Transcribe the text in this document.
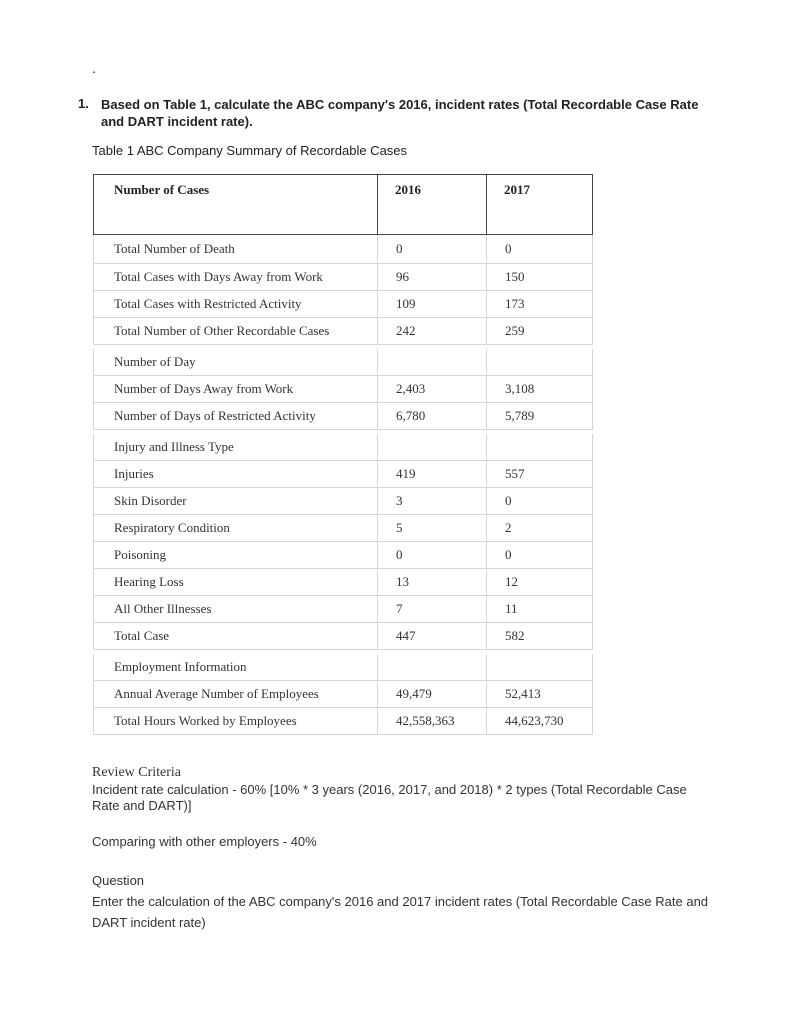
.
1. Based on Table 1, calculate the ABC company's 2016, incident rates (Total Recordable Case Rate and DART incident rate).
Table 1 ABC Company Summary of Recordable Cases
Number of Cases	2016	2017
Total Number of Death	0	0
Total Cases with Days Away from Work	96	150
Total Cases with Restricted Activity	109	173
Total Number of Other Recordable Cases	242	259

Number of Day		
Number of Days Away from Work	2,403	3,108
Number of Days of Restricted Activity	6,780	5,789

Injury and Illness Type		
Injuries	419	557
Skin Disorder	3	0
Respiratory Condition	5	2
Poisoning	0	0
Hearing Loss	13	12
All Other Illnesses	7	11
Total Case	447	582

Employment Information		
Annual Average Number of Employees	49,479	52,413
Total Hours Worked by Employees	42,558,363	44,623,730
Review Criteria
Incident rate calculation - 60% [10% * 3 years (2016, 2017, and 2018) * 2 types (Total Recordable Case Rate and DART)]
Comparing with other employers - 40%
Question
Enter the calculation of the ABC company's 2016 and 2017 incident rates (Total Recordable Case Rate and DART incident rate)
